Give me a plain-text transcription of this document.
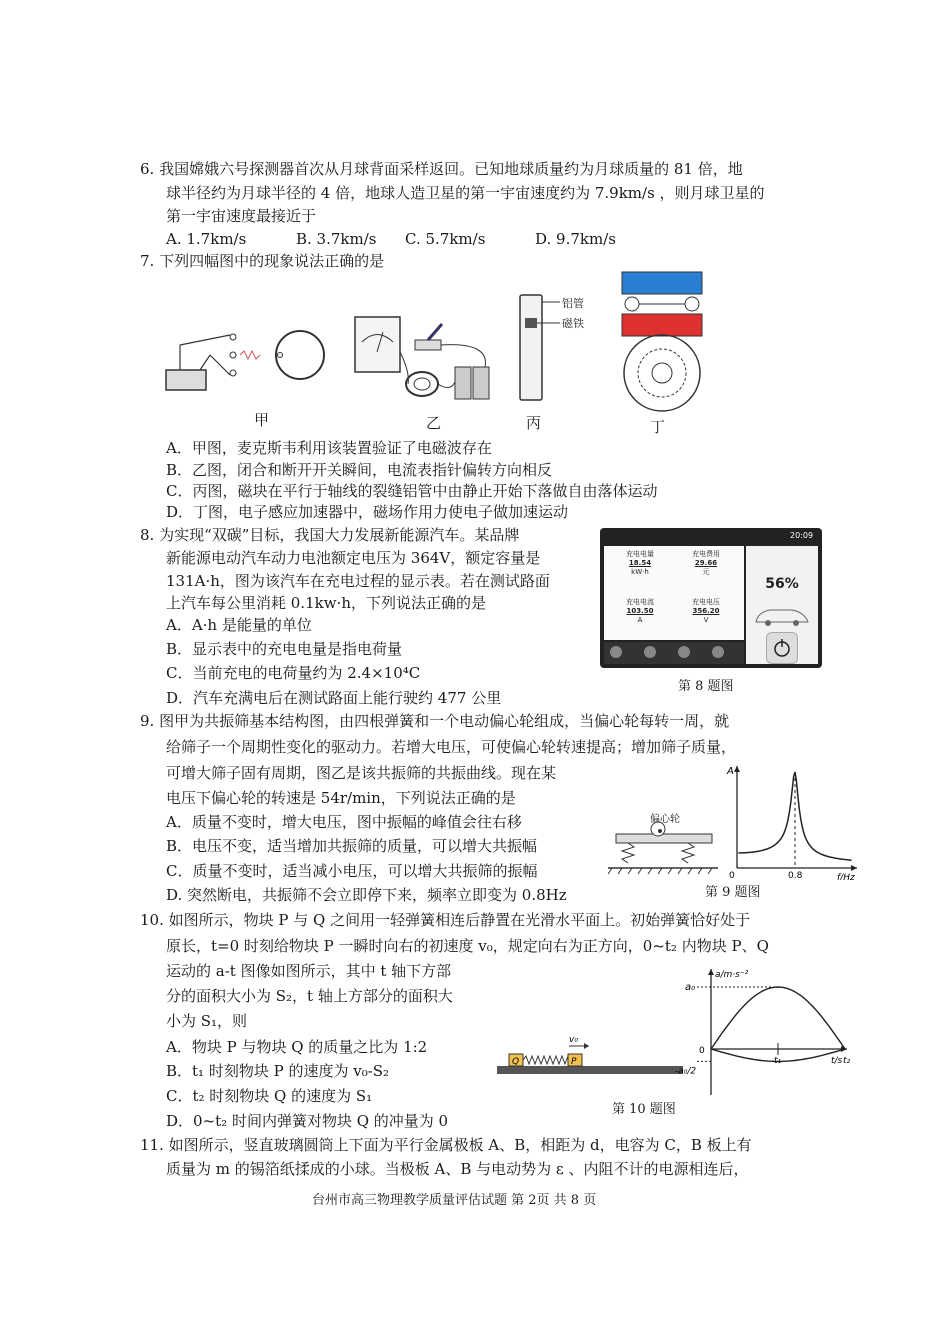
6. 我国嫦娥六号探测器首次从月球背面采样返回。已知地球质量约为月球质量的 81 倍，地
球半径约为月球半径的 4 倍，地球人造卫星的第一宇宙速度约为 7.9km/s ，则月球卫星的
第一宇宙速度最接近于
A. 1.7km/s	B. 3.7km/s C. 5.7km/s	D. 9.7km/s
7. 下列四幅图中的现象说法正确的是
铝管
磁铁
甲	乙	丙	丁
A．甲图，麦克斯韦利用该装置验证了电磁波存在
B．乙图，闭合和断开开关瞬间，电流表指针偏转方向相反
C．丙图，磁块在平行于轴线的裂缝铝管中由静止开始下落做自由落体运动
D．丁图，电子感应加速器中，磁场作用力使电子做加速运动
8. 为实现“双碳”目标，我国大力发展新能源汽车。某品牌
新能源电动汽车动力电池额定电压为 364V，额定容量是
131A·h，图为该汽车在充电过程的显示表。若在测试路面
上汽车每公里消耗 0.1kw·h，下列说法正确的是
A．A·h 是能量的单位
B．显示表中的充电电量是指电荷量
C．当前充电的电荷量约为 2.4×10⁴C
D．汽车充满电后在测试路面上能行驶约 477 公里
20:09
充电电量
18.54
kW·h
充电费用
29.66
元
充电电流
103.50
A
充电电压
356.20
V
56%
第 8 题图
9. 图甲为共振筛基本结构图，由四根弹簧和一个电动偏心轮组成，当偏心轮每转一周，就
给筛子一个周期性变化的驱动力。若增大电压，可使偏心轮转速提高；增加筛子质量，
可增大筛子固有周期，图乙是该共振筛的共振曲线。现在某
电压下偏心轮的转速是 54r/min，下列说法正确的是
A．质量不变时，增大电压，图中振幅的峰值会往右移
B．电压不变，适当增加共振筛的质量，可以增大共振幅
C．质量不变时，适当减小电压，可以增大共振筛的振幅
D. 突然断电，共振筛不会立即停下来，频率立即变为 0.8Hz
偏心轮
A
0	0.8	f/Hz
第 9 题图
10. 如图所示，物块 P 与 Q 之间用一轻弹簧相连后静置在光滑水平面上。初始弹簧恰好处于
原长，t=0 时刻给物块 P 一瞬时向右的初速度 v₀，规定向右为正方向，0~t₂ 内物块 P、Q
运动的 a-t 图像如图所示，其中 t 轴下方部
分的面积大小为 S₂，t 轴上方部分的面积大
小为 S₁，则
A．物块 P 与物块 Q 的质量之比为 1:2
B．t₁ 时刻物块 P 的速度为 v₀-S₂
C．t₂ 时刻物块 Q 的速度为 S₁
D．0~t₂ 时间内弹簧对物块 Q 的冲量为 0
Q	P
v₀
a/m·s⁻²
a₀
0
t₁	t₂
t/s
-a₀/2
第 10 题图
11. 如图所示，竖直玻璃圆筒上下面为平行金属极板 A、B，相距为 d，电容为 C，B 板上有
质量为 m 的锡箔纸揉成的小球。当极板 A、B 与电动势为 ε 、内阻不计的电源相连后，
台州市高三物理教学质量评估试题 第 2页 共 8 页
